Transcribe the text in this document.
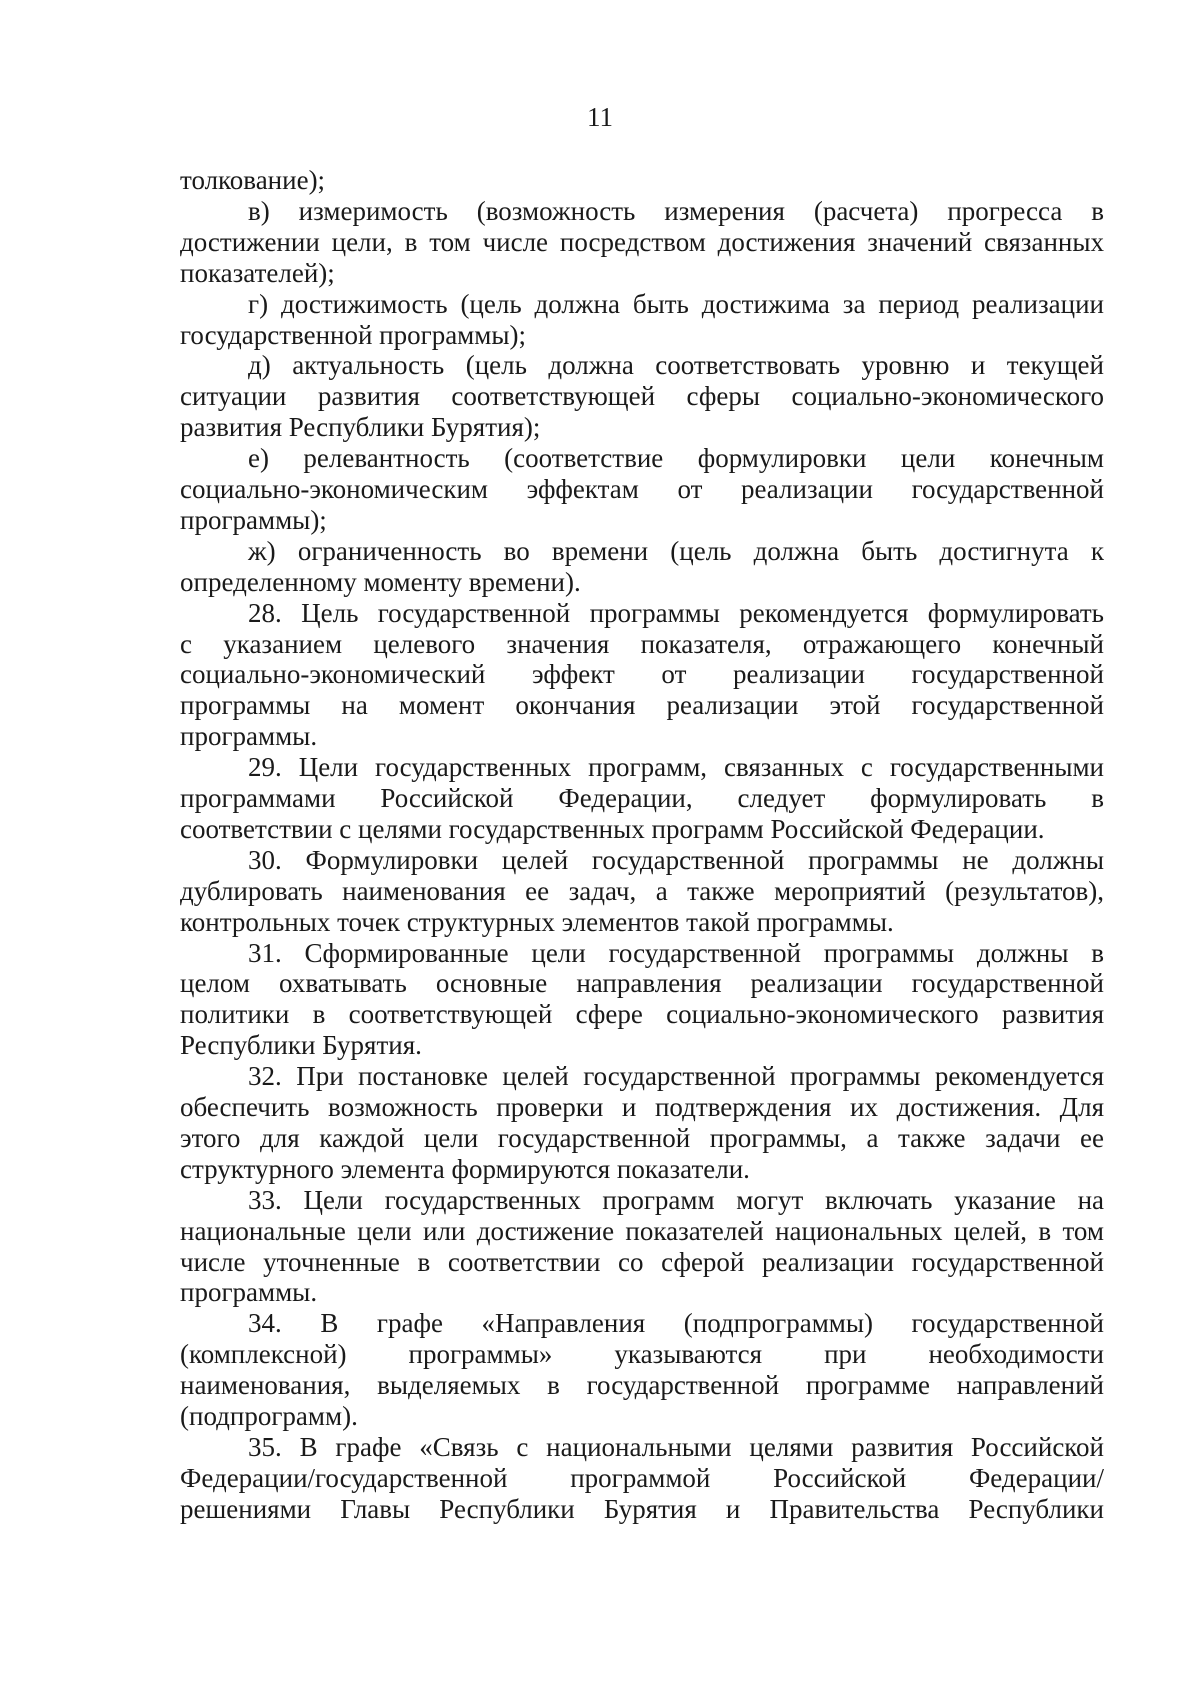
11
толкование);
в) измеримость (возможность измерения (расчета) прогресса в
достижении цели, в том числе посредством достижения значений связанных
показателей);
г) достижимость (цель должна быть достижима за период реализации
государственной программы);
д) актуальность (цель должна соответствовать уровню и текущей
ситуации развития соответствующей сферы социально-экономического
развития Республики Бурятия);
е) релевантность (соответствие формулировки цели конечным
социально-экономическим эффектам от реализации государственной
программы);
ж) ограниченность во времени (цель должна быть достигнута к
определенному моменту времени).
28. Цель государственной программы рекомендуется формулировать
с указанием целевого значения показателя, отражающего конечный
социально-экономический эффект от реализации государственной
программы на момент окончания реализации этой государственной
программы.
29. Цели государственных программ, связанных с государственными
программами Российской Федерации, следует формулировать в
соответствии с целями государственных программ Российской Федерации.
30. Формулировки целей государственной программы не должны
дублировать наименования ее задач, а также мероприятий (результатов),
контрольных точек структурных элементов такой программы.
31. Сформированные цели государственной программы должны в
целом охватывать основные направления реализации государственной
политики в соответствующей сфере социально-экономического развития
Республики Бурятия.
32. При постановке целей государственной программы рекомендуется
обеспечить возможность проверки и подтверждения их достижения. Для
этого для каждой цели государственной программы, а также задачи ее
структурного элемента формируются показатели.
33. Цели государственных программ могут включать указание на
национальные цели или достижение показателей национальных целей, в том
числе уточненные в соответствии со сферой реализации государственной
программы.
34. В графе «Направления (подпрограммы) государственной
(комплексной) программы» указываются при необходимости
наименования, выделяемых в государственной программе направлений
(подпрограмм).
35. В графе «Связь с национальными целями развития Российской
Федерации/государственной программой Российской Федерации/
решениями Главы Республики Бурятия и Правительства Республики
